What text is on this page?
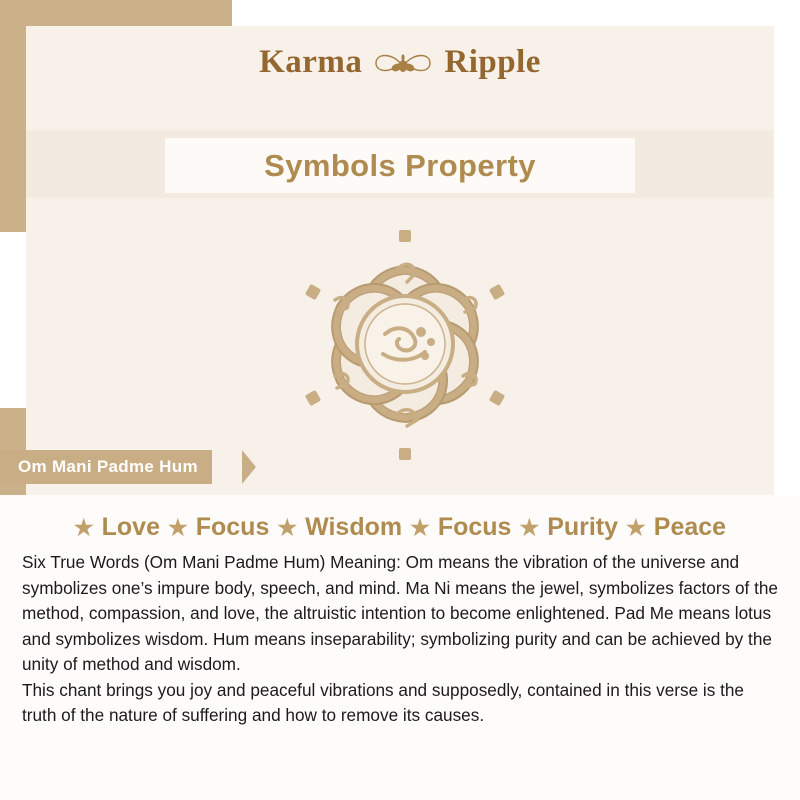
Karma Ripple
Symbols Property
Om Mani Padme Hum
★ Love ★ Focus ★ Wisdom ★ Focus ★ Purity ★ Peace

Six True Words (Om Mani Padme Hum) Meaning: Om means the vibration of the universe and symbolizes one’s impure body, speech, and mind. Ma Ni means the jewel, symbolizes factors of the method, compassion, and love, the altruistic intention to become enlightened. Pad Me means lotus and symbolizes wisdom. Hum means inseparability; symbolizing purity and can be achieved by the unity of method and wisdom.

This chant brings you joy and peaceful vibrations and supposedly, contained in this verse is the truth of the nature of suffering and how to remove its causes.
